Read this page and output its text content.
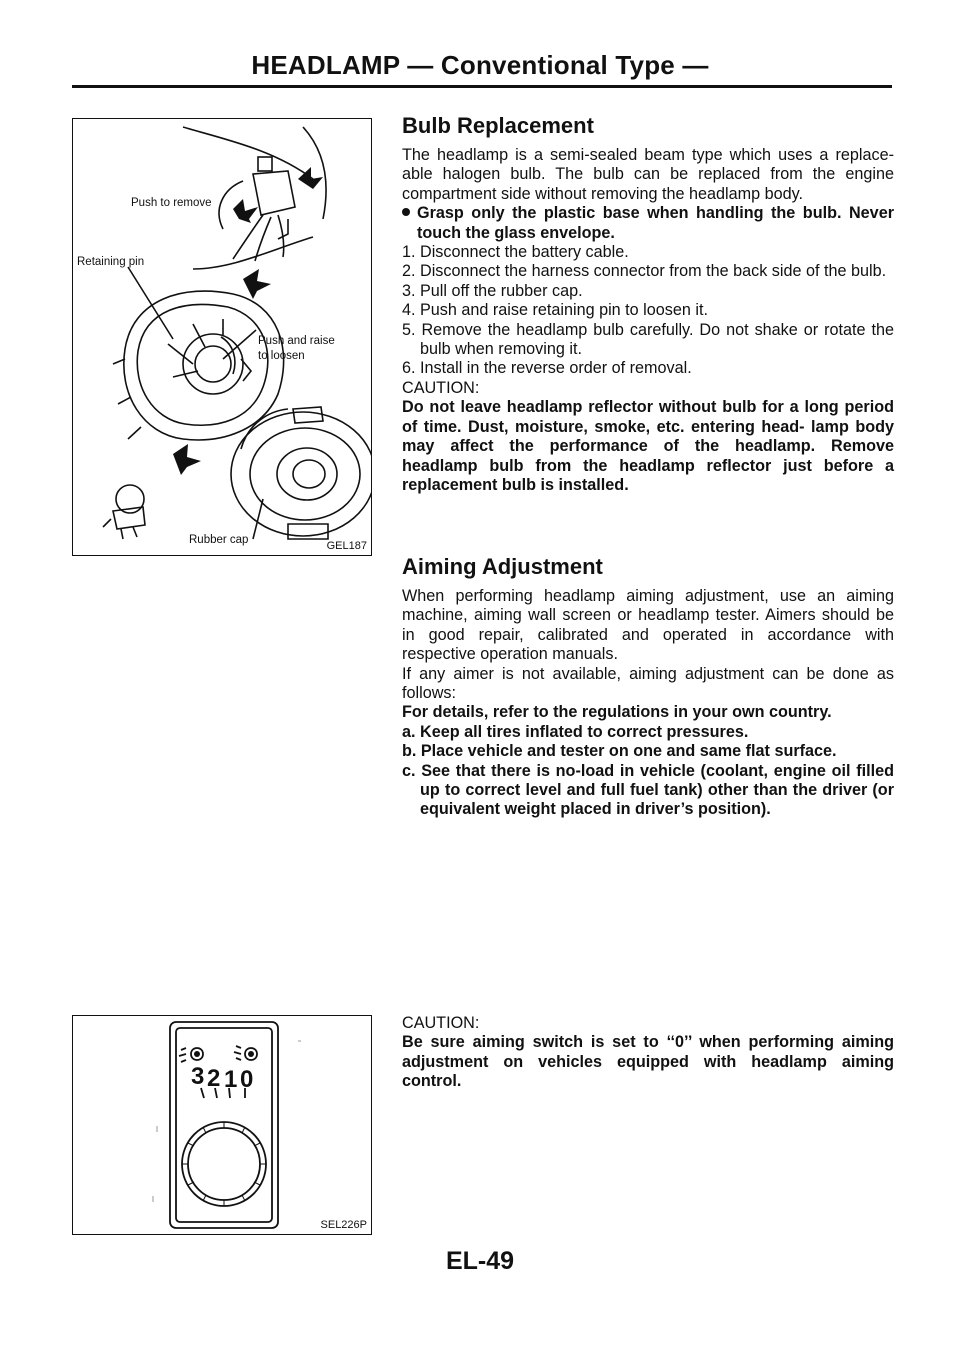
HEADLAMP — Conventional Type —
Push to remove
Retaining pin
Push and raise
to loosen
Rubber cap	GEL187
3 2 1 0
SEL226P
Bulb Replacement

The headlamp is a semi-sealed beam type which uses a replace- able halogen bulb. The bulb can be replaced from the engine compartment side without removing the headlamp body.

Grasp only the plastic base when handling the bulb. Never touch the glass envelope.

1. Disconnect the battery cable.

2. Disconnect the harness connector from the back side of the bulb.

3. Pull off the rubber cap.

4. Push and raise retaining pin to loosen it.

5. Remove the headlamp bulb carefully. Do not shake or rotate the bulb when removing it.

6. Install in the reverse order of removal.

CAUTION:

Do not leave headlamp reflector without bulb for a long period of time. Dust, moisture, smoke, etc. entering head- lamp body may affect the performance of the headlamp. Remove headlamp bulb from the headlamp reflector just before a replacement bulb is installed.

Aiming Adjustment

When performing headlamp aiming adjustment, use an aiming machine, aiming wall screen or headlamp tester. Aimers should be in good repair, calibrated and operated in accordance with respective operation manuals.

If any aimer is not available, aiming adjustment can be done as follows:

For details, refer to the regulations in your own country.

a. Keep all tires inflated to correct pressures.

b. Place vehicle and tester on one and same flat surface.

c. See that there is no-load in vehicle (coolant, engine oil filled up to correct level and full fuel tank) other than the driver (or equivalent weight placed in driver’s position).

CAUTION:

Be sure aiming switch is set to ‘‘0’’ when performing aiming adjustment on vehicles equipped with headlamp aiming control.

EL-49
